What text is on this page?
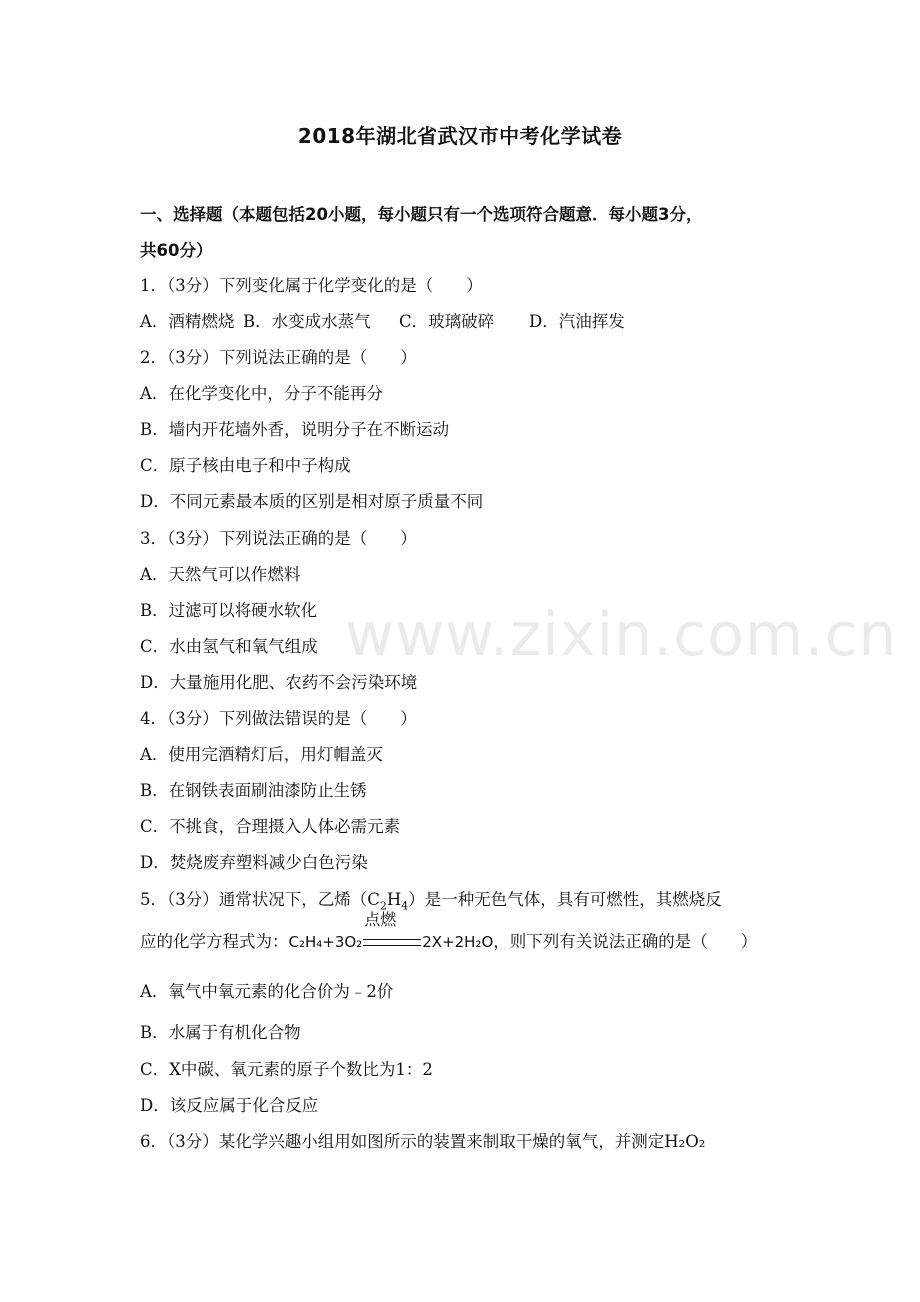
www.zixin.com.cn
2018年湖北省武汉市中考化学试卷
一、选择题（本题包括20小题，每小题只有一个选项符合题意．每小题3分，
共60分）
1．（3分）下列变化属于化学变化的是（　　）
A．酒精燃烧 B．水变成水蒸气 C．玻璃破碎 D．汽油挥发
2．（3分）下列说法正确的是（　　）
A．在化学变化中，分子不能再分
B．墙内开花墙外香，说明分子在不断运动
C．原子核由电子和中子构成
D．不同元素最本质的区别是相对原子质量不同
3．（3分）下列说法正确的是（　　）
A．天然气可以作燃料
B．过滤可以将硬水软化
C．水由氢气和氧气组成
D．大量施用化肥、农药不会污染环境
4．（3分）下列做法错误的是（　　）
A．使用完酒精灯后，用灯帽盖灭
B．在钢铁表面刷油漆防止生锈
C．不挑食，合理摄入人体必需元素
D．焚烧废弃塑料减少白色污染
5．（3分）通常状况下，乙烯$(C_2H_4)$是一种无色气体，具有可燃性，其燃烧反
应的化学方程式为：C₂H₄+3O₂
点燃
2X+2H₂O，则下列有关说法正确的是（　　）
A．氧气中氧元素的化合价为﹣2价
B．水属于有机化合物
C．X中碳、氧元素的原子个数比为1：2
D．该反应属于化合反应
6．（3分）某化学兴趣小组用如图所示的装置来制取干燥的氧气，并测定H₂O₂
